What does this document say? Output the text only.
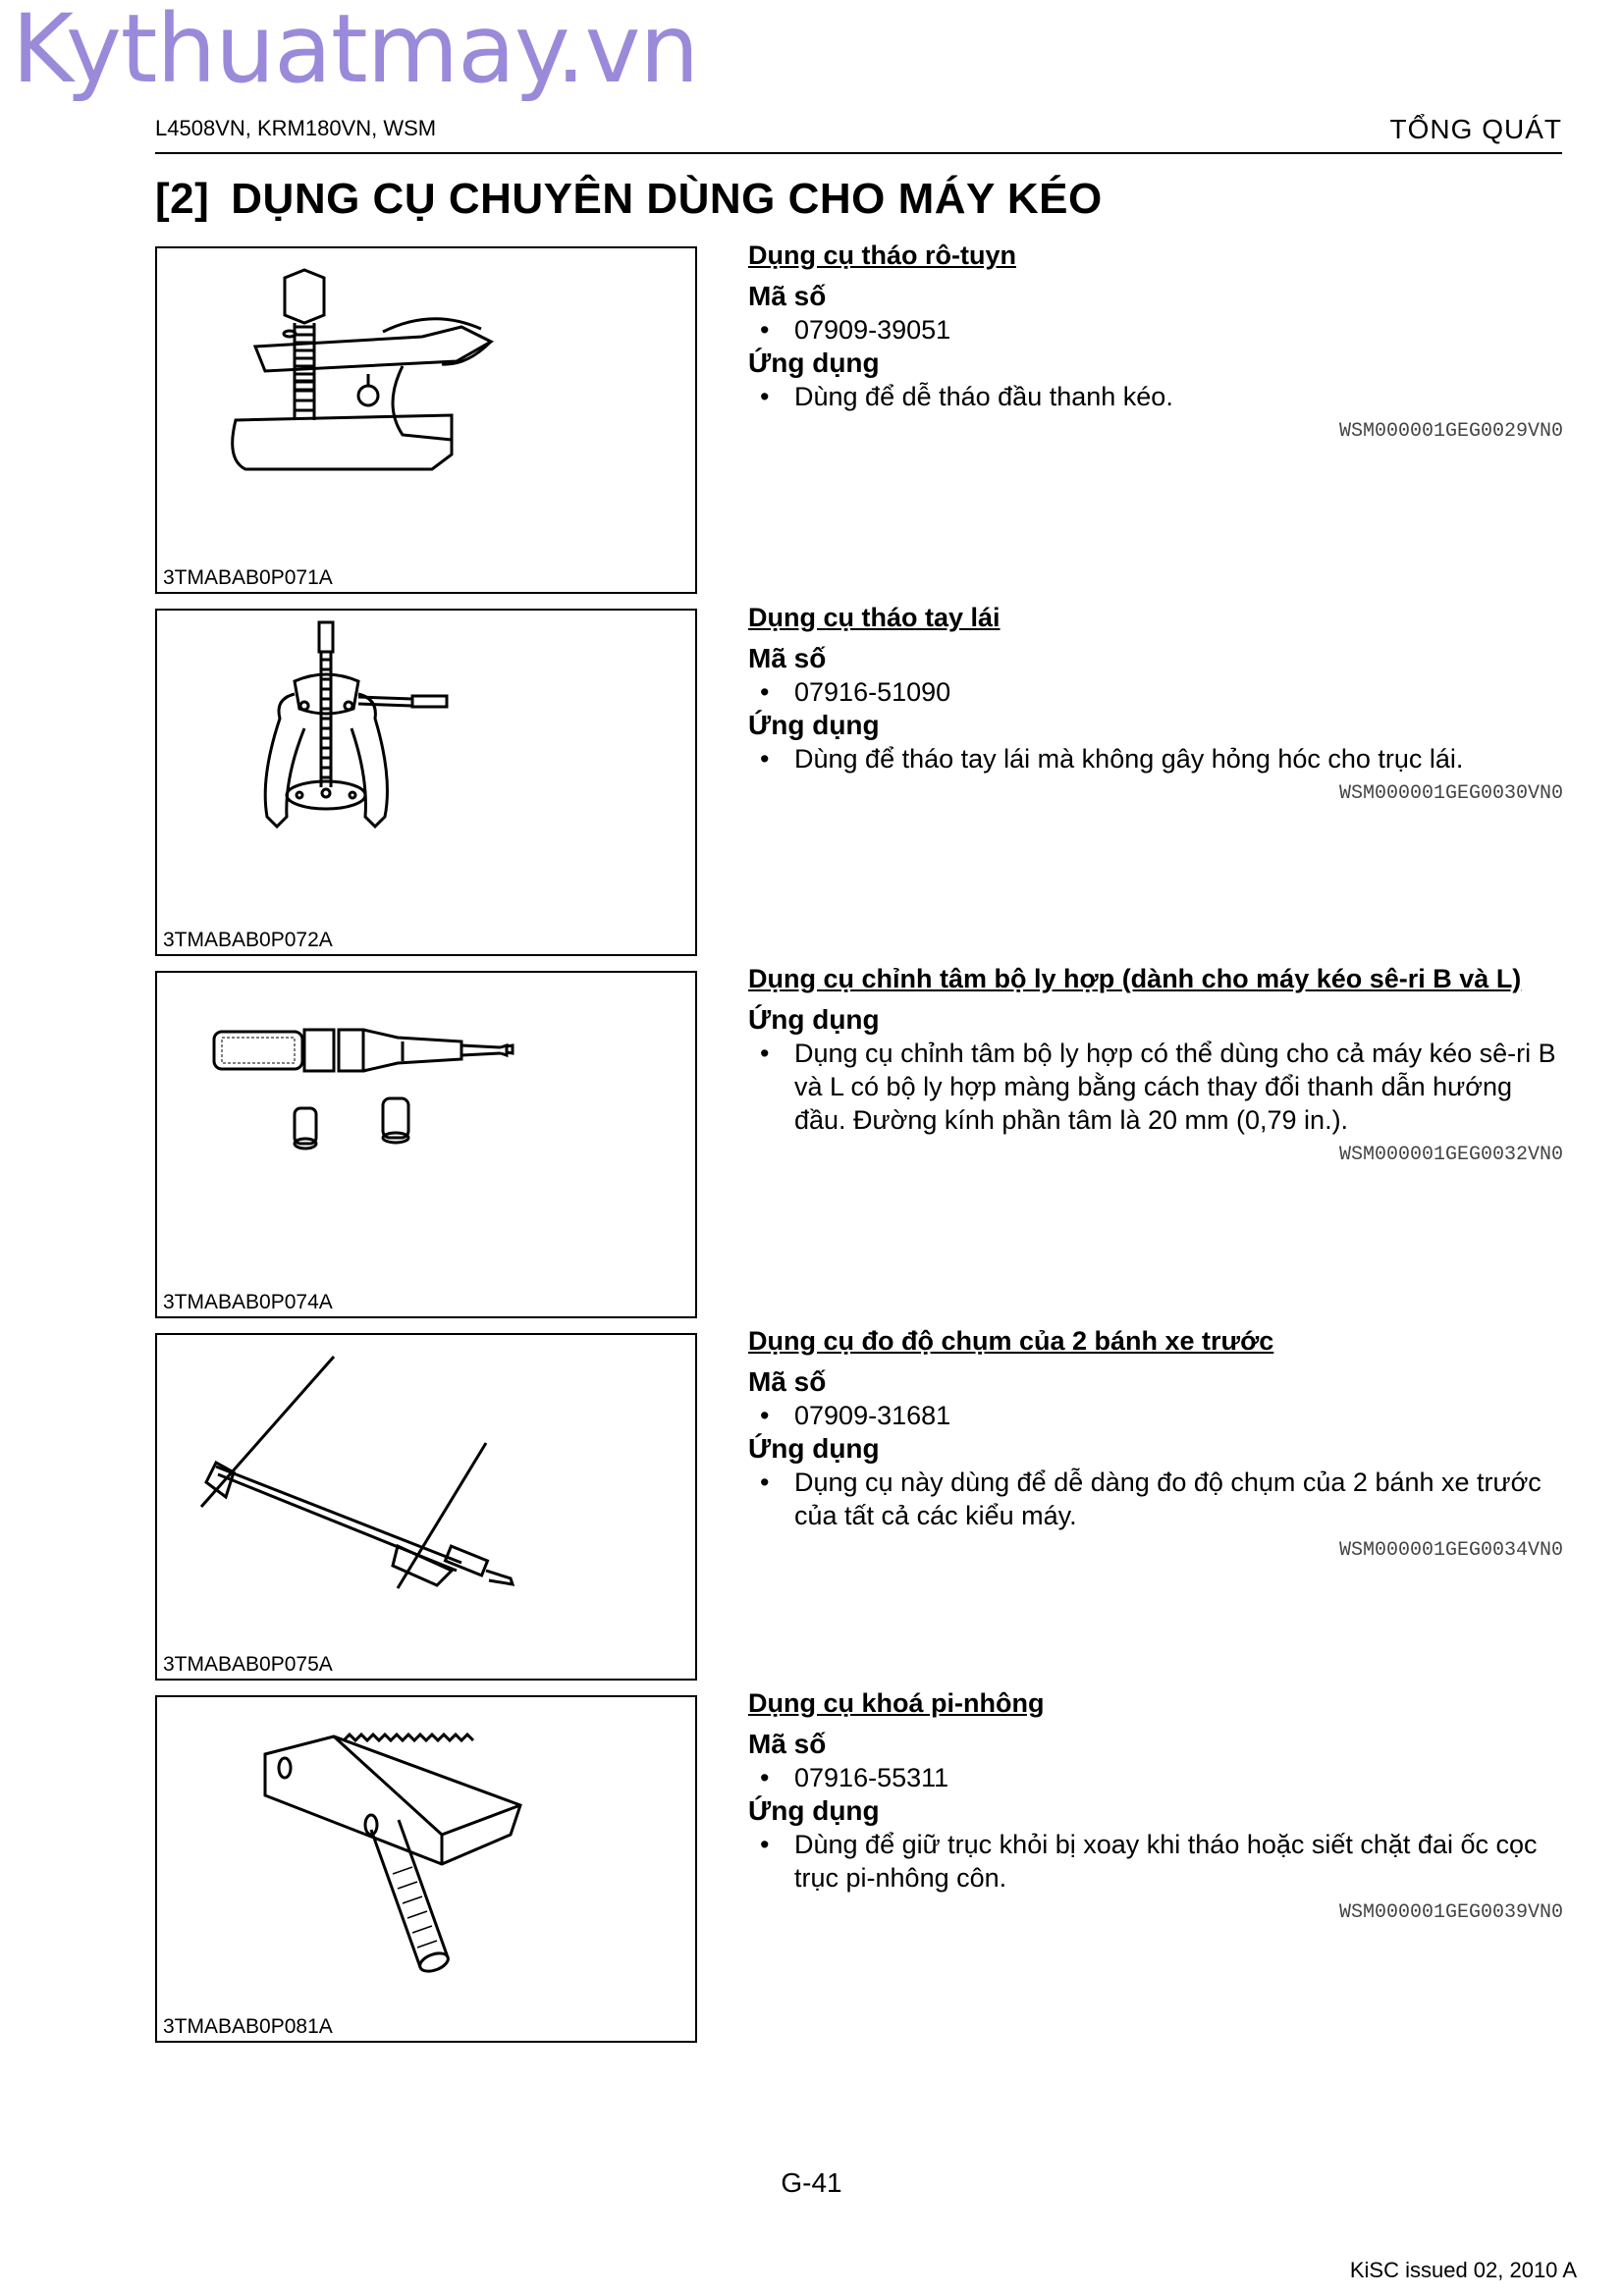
Kythuatmay.vn
L4508VN, KRM180VN, WSM	TỔNG QUÁT
[2] DỤNG CỤ CHUYÊN DÙNG CHO MÁY KÉO
3TMABAB0P071A
Dụng cụ tháo rô-tuyn
Mã số
• 07909-39051
Ứng dụng
• Dùng để dễ tháo đầu thanh kéo.
WSM000001GEG0029VN0
3TMABAB0P072A
Dụng cụ tháo tay lái
Mã số
• 07916-51090
Ứng dụng
• Dùng để tháo tay lái mà không gây hỏng hóc cho trục lái.
WSM000001GEG0030VN0
3TMABAB0P074A
Dụng cụ chỉnh tâm bộ ly hợp (dành cho máy kéo sê-ri B và L)
Ứng dụng
• Dụng cụ chỉnh tâm bộ ly hợp có thể dùng cho cả máy kéo sê-ri B và L có bộ ly hợp màng bằng cách thay đổi thanh dẫn hướng đầu. Đường kính phần tâm là 20 mm (0,79 in.).
WSM000001GEG0032VN0
3TMABAB0P075A
Dụng cụ đo độ chụm của 2 bánh xe trước
Mã số
• 07909-31681
Ứng dụng
• Dụng cụ này dùng để dễ dàng đo độ chụm của 2 bánh xe trước của tất cả các kiểu máy.
WSM000001GEG0034VN0
3TMABAB0P081A
Dụng cụ khoá pi-nhông
Mã số
• 07916-55311
Ứng dụng
• Dùng để giữ trục khỏi bị xoay khi tháo hoặc siết chặt đai ốc cọc trục pi-nhông côn.
WSM000001GEG0039VN0
G-41
KiSC issued 02, 2010 A
